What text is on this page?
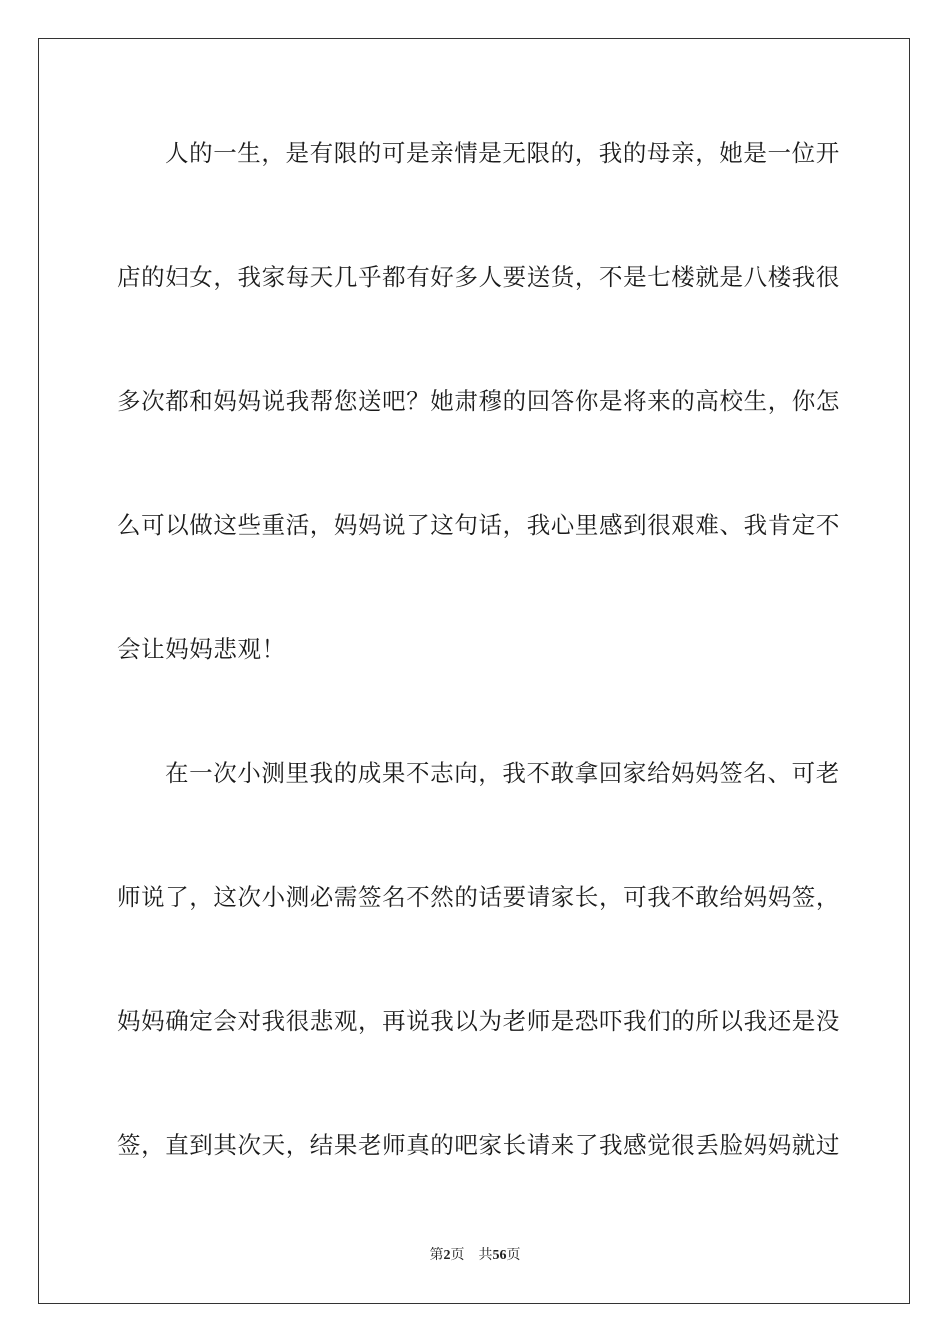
人的一生，是有限的可是亲情是无限的，我的母亲，她是一位开
店的妇女，我家每天几乎都有好多人要送货，不是七楼就是八楼我很
多次都和妈妈说我帮您送吧？她肃穆的回答你是将来的高校生，你怎
么可以做这些重活，妈妈说了这句话，我心里感到很艰难、我肯定不
会让妈妈悲观！
在一次小测里我的成果不志向，我不敢拿回家给妈妈签名、可老
师说了，这次小测必需签名不然的话要请家长，可我不敢给妈妈签，
妈妈确定会对我很悲观，再说我以为老师是恐吓我们的所以我还是没
签，直到其次天，结果老师真的吧家长请来了我感觉很丢脸妈妈就过
第2页 共56页
